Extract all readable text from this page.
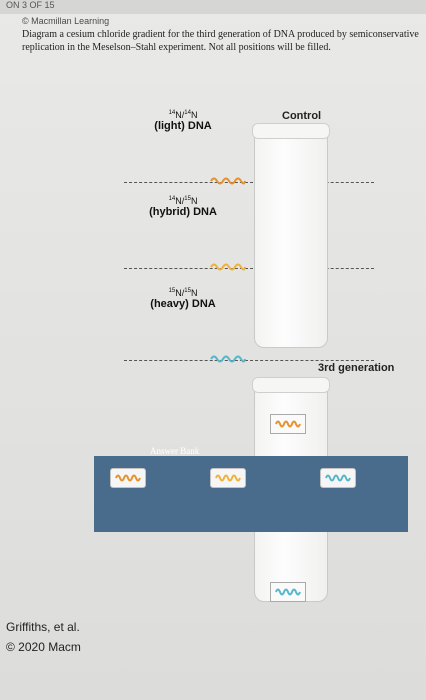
ON 3 OF 15
© Macmillan Learning
Diagram a cesium chloride gradient for the third generation of DNA produced by semiconservative replication in the Meselson–Stahl experiment. Not all positions will be filled.
Control
3rd generation
$^{14}$N/$^{14}$N
(light) DNA
$^{14}$N/$^{15}$N
(hybrid) DNA
$^{15}$N/$^{15}$N
(heavy) DNA
Answer Bank
Griffiths, et al.
© 2020 Macm
